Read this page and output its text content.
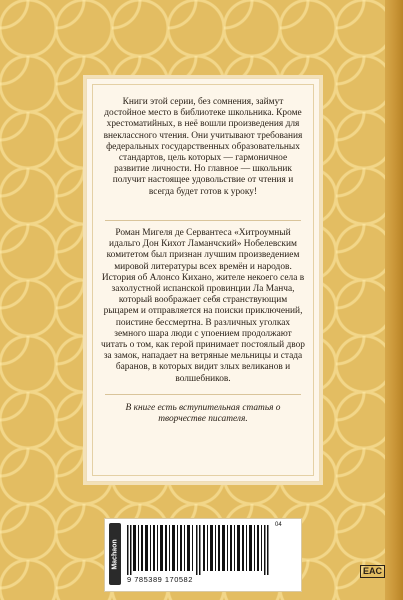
Книги этой серии, без сомнения, займут достойное место в библиотеке школьника. Кроме хрестоматийных, в неё вошли произведения для внеклассного чтения. Они учитывают требования федеральных государственных образовательных стандартов, цель которых — гармоничное развитие личности. Но главное — школьник получит настоящее удовольствие от чтения и всегда будет готов к уроку!

Роман Мигеля де Сервантеса «Хитроумный идальго Дон Кихот Ламанчский» Нобелевским комитетом был признан лучшим произведением мировой литературы всех времён и народов. История об Алонсо Кихано, жителе некоего села в захолустной испанской провинции Ла Манча, который воображает себя странствующим рыцарем и отправляется на поиски приключений, поистине бессмертна. В различных уголках земного шара люди с упоением продолжают читать о том, как герой принимает постоялый двор за замок, нападает на ветряные мельницы и стада баранов, в которых видит злых великанов и волшебников.

В книге есть вступительная статья о творчестве писателя.

Machaon
9 785389 170582
04
EAC
